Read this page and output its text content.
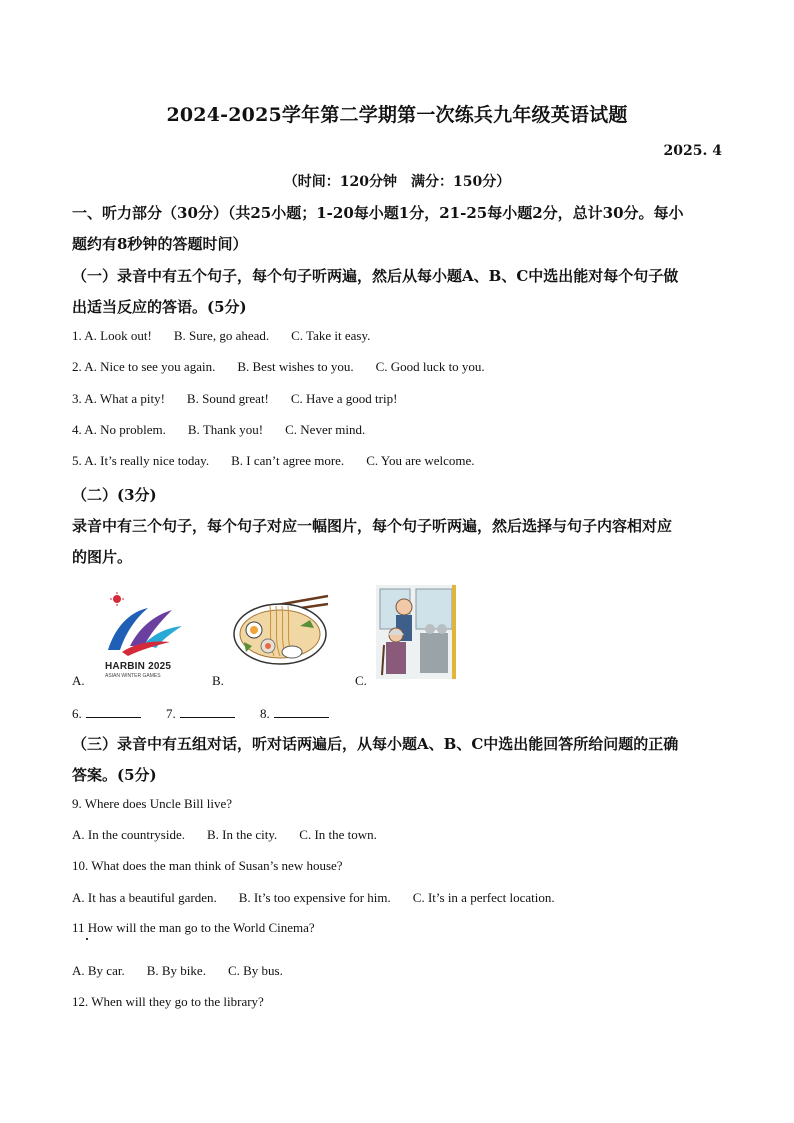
2024-2025学年第二学期第一次练兵九年级英语试题
2025. 4
（时间：120分钟　满分：150分）
一、听力部分（30分）（共25小题；1-20每小题1分，21-25每小题2分，总计30分。每小
题约有8秒钟的答题时间）
（一）录音中有五个句子，每个句子听两遍，然后从每小题A、B、C中选出能对每个句子做
出适当反应的答语。(5分)
1. A. Look out! B. Sure, go ahead. C. Take it easy.
2. A. Nice to see you again. B. Best wishes to you. C. Good luck to you.
3. A. What a pity! B. Sound great! C. Have a good trip!
4. A. No problem. B. Thank you! C. Never mind.
5. A. It’s really nice today. B. I can’t agree more. C. You are welcome.
（二）(3分)
录音中有三个句子，每个句子对应一幅图片，每个句子听两遍，然后选择与句子内容相对应
的图片。
A.
HARBIN 2025
ASIAN WINTER GAMES	B.	C.
6.	7.	8.
（三）录音中有五组对话，听对话两遍后，从每小题A、B、C中选出能回答所给问题的正确
答案。(5分)
9. Where does Uncle Bill live?
A. In the countryside. B. In the city. C. In the town.
10. What does the man think of Susan’s new house?
A. It has a beautiful garden. B. It’s too expensive for him. C. It’s in a perfect location.
11 How will the man go to the World Cinema?
A. By car. B. By bike. C. By bus.
12. When will they go to the library?
